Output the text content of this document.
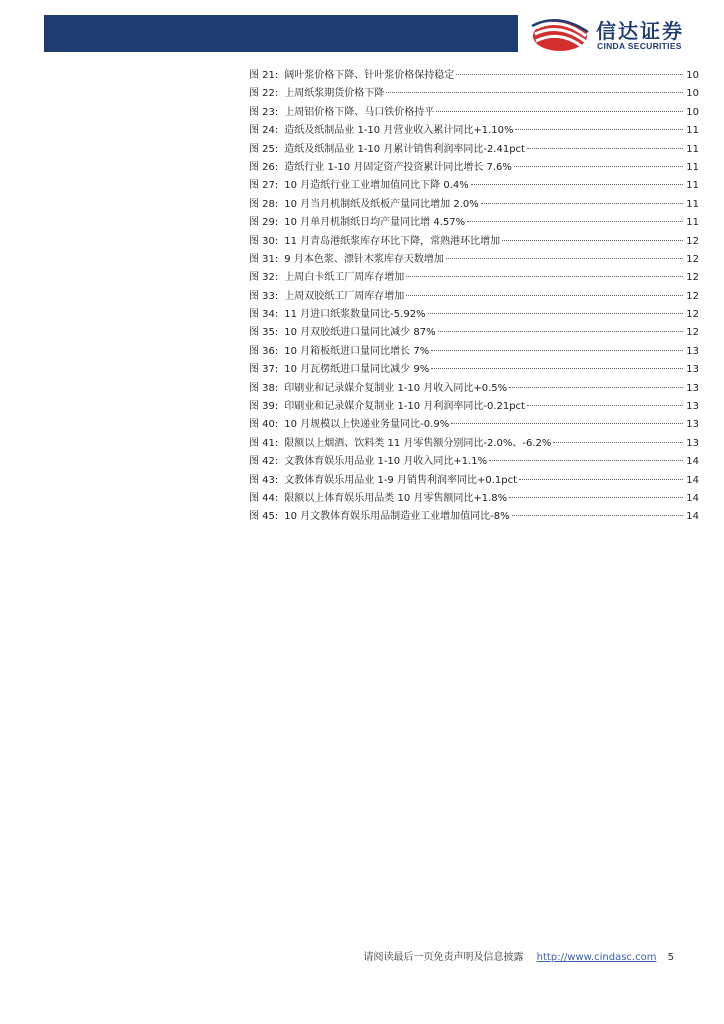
信达证券
CINDA SECURITIES
图 21: 阔叶浆价格下降、针叶浆价格保持稳定	10
图 22: 上周纸浆期货价格下降	10
图 23: 上周铝价格下降、马口铁价格持平	10
图 24: 造纸及纸制品业 1-10 月营业收入累计同比+1.10%	11
图 25: 造纸及纸制品业 1-10 月累计销售利润率同比-2.41pct	11
图 26: 造纸行业 1-10 月固定资产投资累计同比增长 7.6%	11
图 27: 10 月造纸行业工业增加值同比下降 0.4%	11
图 28: 10 月当月机制纸及纸板产量同比增加 2.0%	11
图 29: 10 月单月机制纸日均产量同比增 4.57%	11
图 30: 11 月青岛港纸浆库存环比下降，常熟港环比增加	12
图 31: 9 月本色浆、漂针木浆库存天数增加	12
图 32: 上周白卡纸工厂周库存增加	12
图 33: 上周双胶纸工厂周库存增加	12
图 34: 11 月进口纸浆数量同比-5.92%	12
图 35: 10 月双胶纸进口量同比减少 87%	12
图 36: 10 月箱板纸进口量同比增长 7%	13
图 37: 10 月瓦楞纸进口量同比减少 9%	13
图 38: 印刷业和记录媒介复制业 1-10 月收入同比+0.5%	13
图 39: 印刷业和记录媒介复制业 1-10 月利润率同比-0.21pct	13
图 40: 10 月规模以上快递业务量同比-0.9%	13
图 41: 限额以上烟酒、饮料类 11 月零售额分别同比-2.0%、-6.2%	13
图 42: 文教体育娱乐用品业 1-10 月收入同比+1.1%	14
图 43: 文教体育娱乐用品业 1-9 月销售利润率同比+0.1pct	14
图 44: 限额以上体育娱乐用品类 10 月零售额同比+1.8%	14
图 45: 10 月文教体育娱乐用品制造业工业增加值同比-8%	14
请阅读最后一页免责声明及信息披露 http://www.cindasc.com 5
